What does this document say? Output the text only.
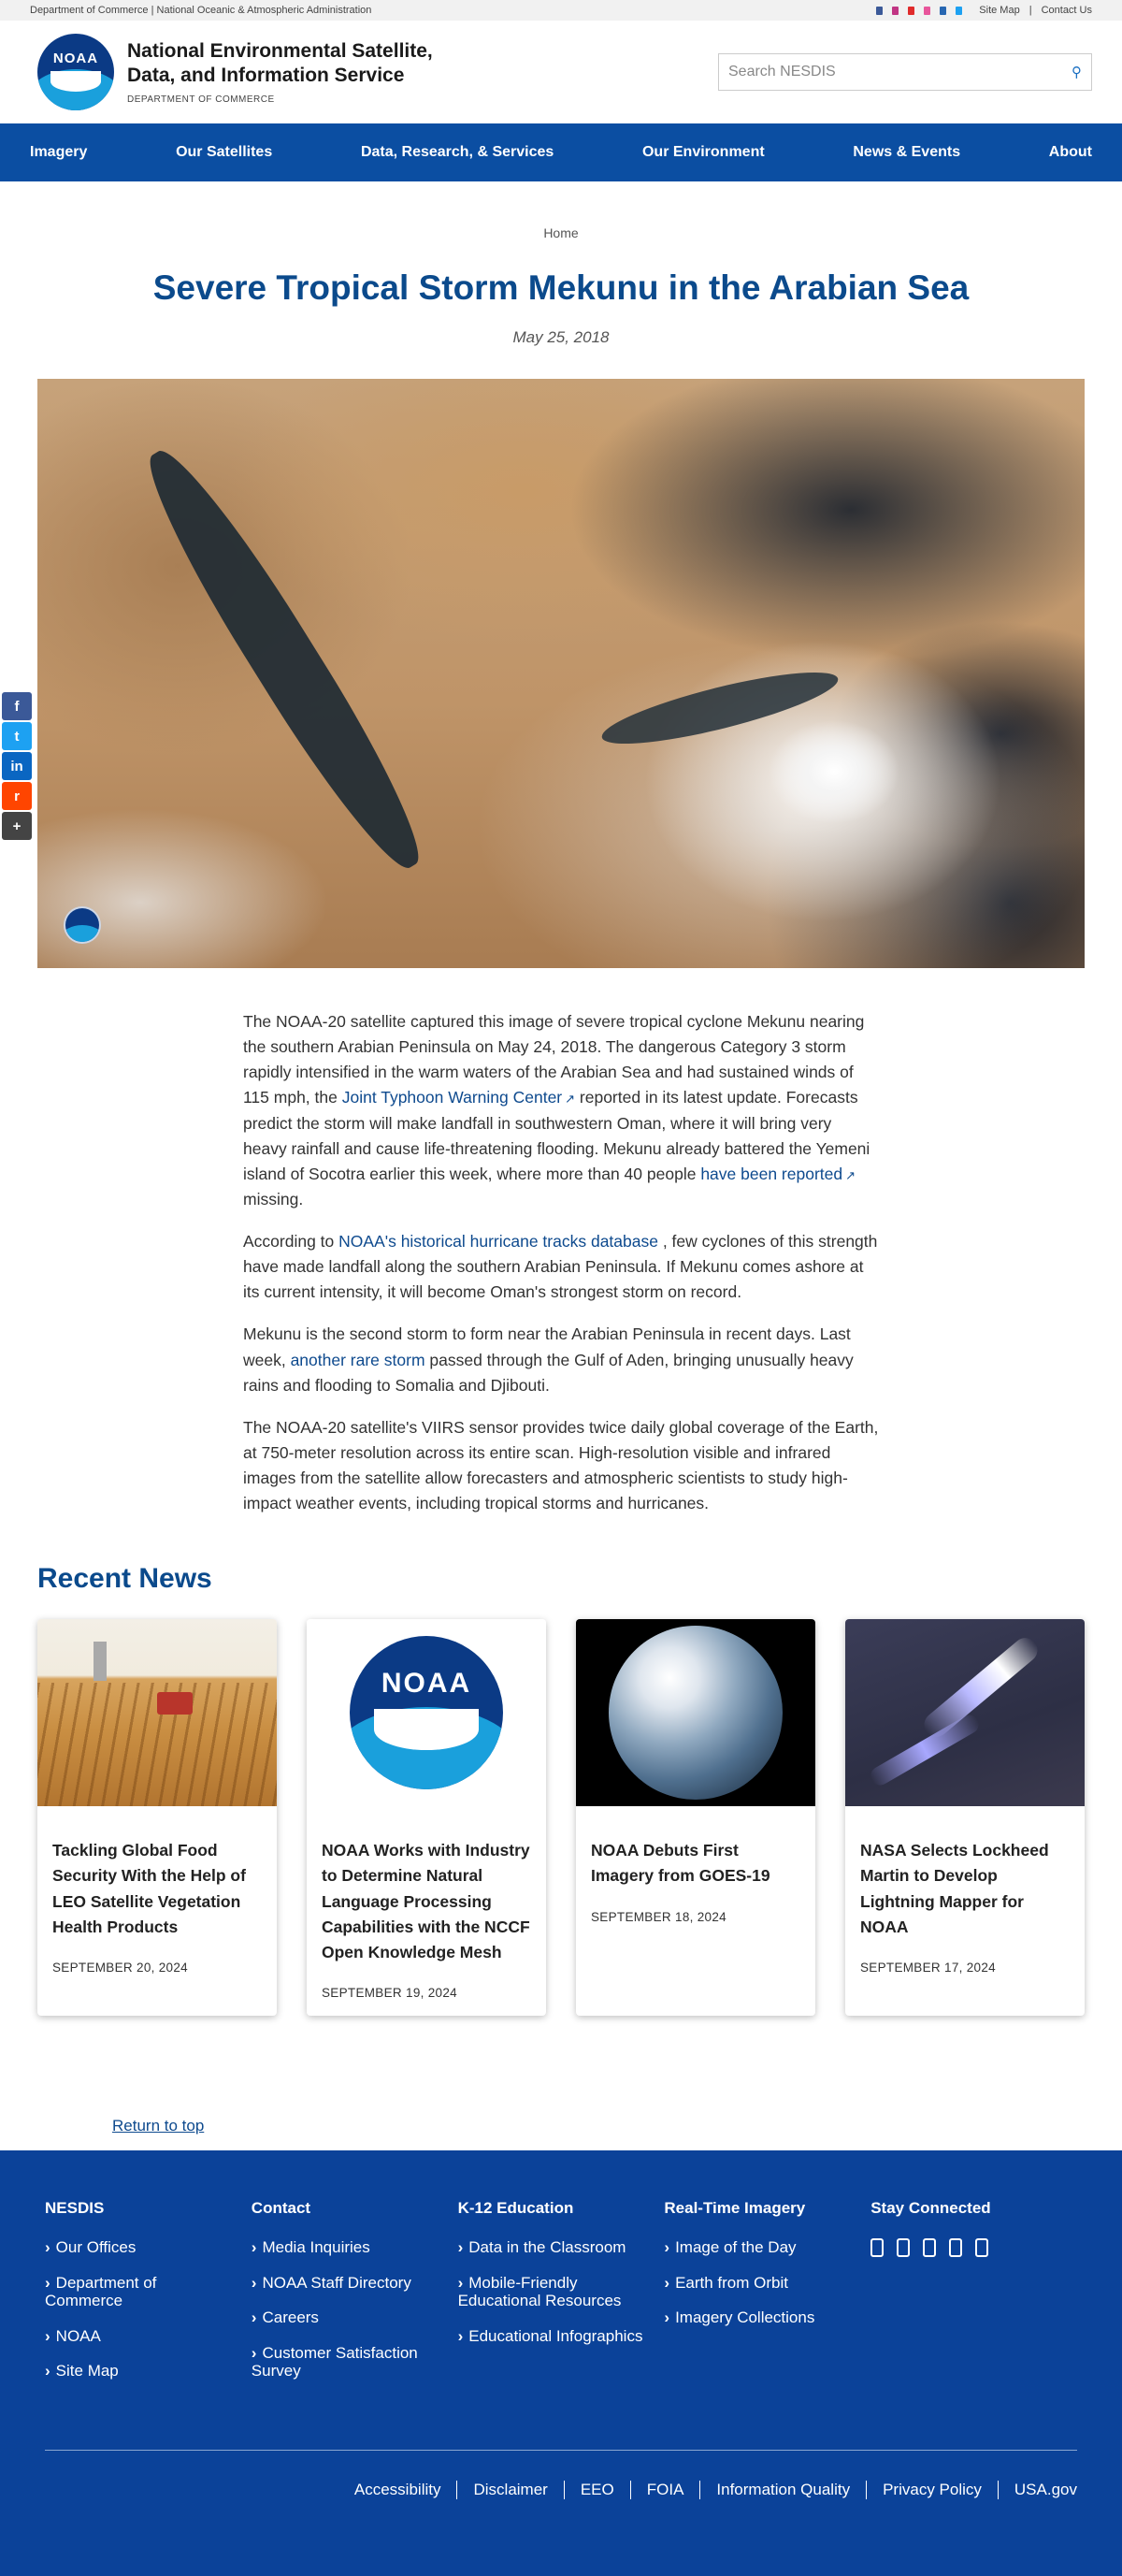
Department of Commerce | National Oceanic & Atmospheric Administration	Site Map | Contact Us
NOAA	National Environmental Satellite, Data, and Information Service
DEPARTMENT OF COMMERCE
Search NESDIS	⚲
Imagery	Our Satellites	Data, Research, & Services	Our Environment	News & Events	About
Home
Severe Tropical Storm Mekunu in the Arabian Sea
May 25, 2018
f
t
in
r
+

The NOAA-20 satellite captured this image of severe tropical cyclone Mekunu nearing the southern Arabian Peninsula on May 24, 2018. The dangerous Category 3 storm rapidly intensified in the warm waters of the Arabian Sea and had sustained winds of 115 mph, the Joint Typhoon Warning Center ↗ reported in its latest update. Forecasts predict the storm will make landfall in southwestern Oman, where it will bring very heavy rainfall and cause life-threatening flooding. Mekunu already battered the Yemeni island of Socotra earlier this week, where more than 40 people have been reported ↗ missing.

According to NOAA's historical hurricane tracks database , few cyclones of this strength have made landfall along the southern Arabian Peninsula. If Mekunu comes ashore at its current intensity, it will become Oman's strongest storm on record.

Mekunu is the second storm to form near the Arabian Peninsula in recent days. Last week, another rare storm passed through the Gulf of Aden, bringing unusually heavy rains and flooding to Somalia and Djibouti.

The NOAA-20 satellite's VIIRS sensor provides twice daily global coverage of the Earth, at 750-meter resolution across its entire scan. High-resolution visible and infrared images from the satellite allow forecasters and atmospheric scientists to study high-impact weather events, including tropical storms and hurricanes.

Recent News
Tackling Global Food Security With the Help of LEO Satellite Vegetation Health Products
SEPTEMBER 20, 2024
NOAA
NOAA Works with Industry to Determine Natural Language Processing Capabilities with the NCCF Open Knowledge Mesh
SEPTEMBER 19, 2024
NOAA Debuts First Imagery from GOES-19
SEPTEMBER 18, 2024
NASA Selects Lockheed Martin to Develop Lightning Mapper for NOAA
SEPTEMBER 17, 2024
Return to top
NESDIS
› Our Offices
› Department of Commerce
› NOAA
› Site Map
Contact
› Media Inquiries
› NOAA Staff Directory
› Careers
› Customer Satisfaction Survey
K-12 Education
› Data in the Classroom
› Mobile-Friendly Educational Resources
› Educational Infographics
Real-Time Imagery
› Image of the Day
› Earth from Orbit
› Imagery Collections
Stay Connected
Accessibility	Disclaimer	EEO	FOIA	Information Quality	Privacy Policy	USA.gov
